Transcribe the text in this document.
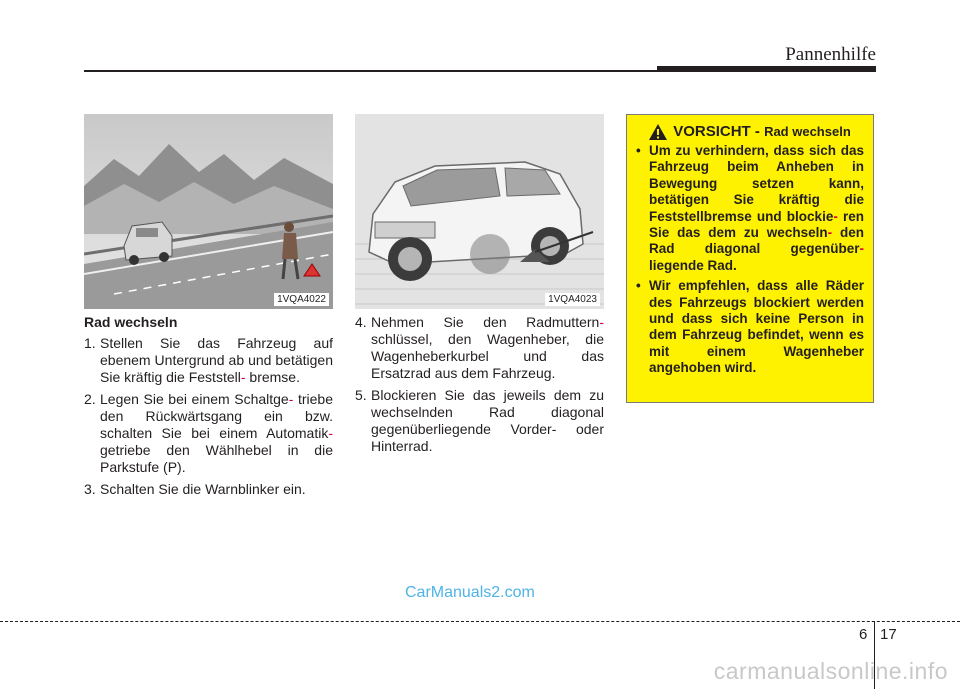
Pannenhilfe
1VQA4022	1VQA4023
Rad wechseln
1. Stellen Sie das Fahrzeug auf ebenem Untergrund ab und betätigen Sie kräftig die Feststell- bremse.
2. Legen Sie bei einem Schaltge- triebe den Rückwärtsgang ein bzw. schalten Sie bei einem Automatik- getriebe den Wählhebel in die Parkstufe (P).
3. Schalten Sie die Warnblinker ein.
4. Nehmen Sie den Radmuttern- schlüssel, den Wagenheber, die Wagenheberkurbel und das Ersatzrad aus dem Fahrzeug.
5. Blockieren Sie das jeweils dem zu wechselnden Rad diagonal gegenüberliegende Vorder- oder Hinterrad.
VORSICHT - Rad wechseln
• Um zu verhindern, dass sich das Fahrzeug beim Anheben in Bewegung setzen kann, betätigen Sie kräftig die Feststellbremse und blockie- ren Sie das dem zu wechseln- den Rad diagonal gegenüber- liegende Rad.
• Wir empfehlen, dass alle Räder des Fahrzeugs blockiert werden und dass sich keine Person in dem Fahrzeug befindet, wenn es mit einem Wagenheber angehoben wird.
CarManuals2.com
6 17
carmanualsonline.info
